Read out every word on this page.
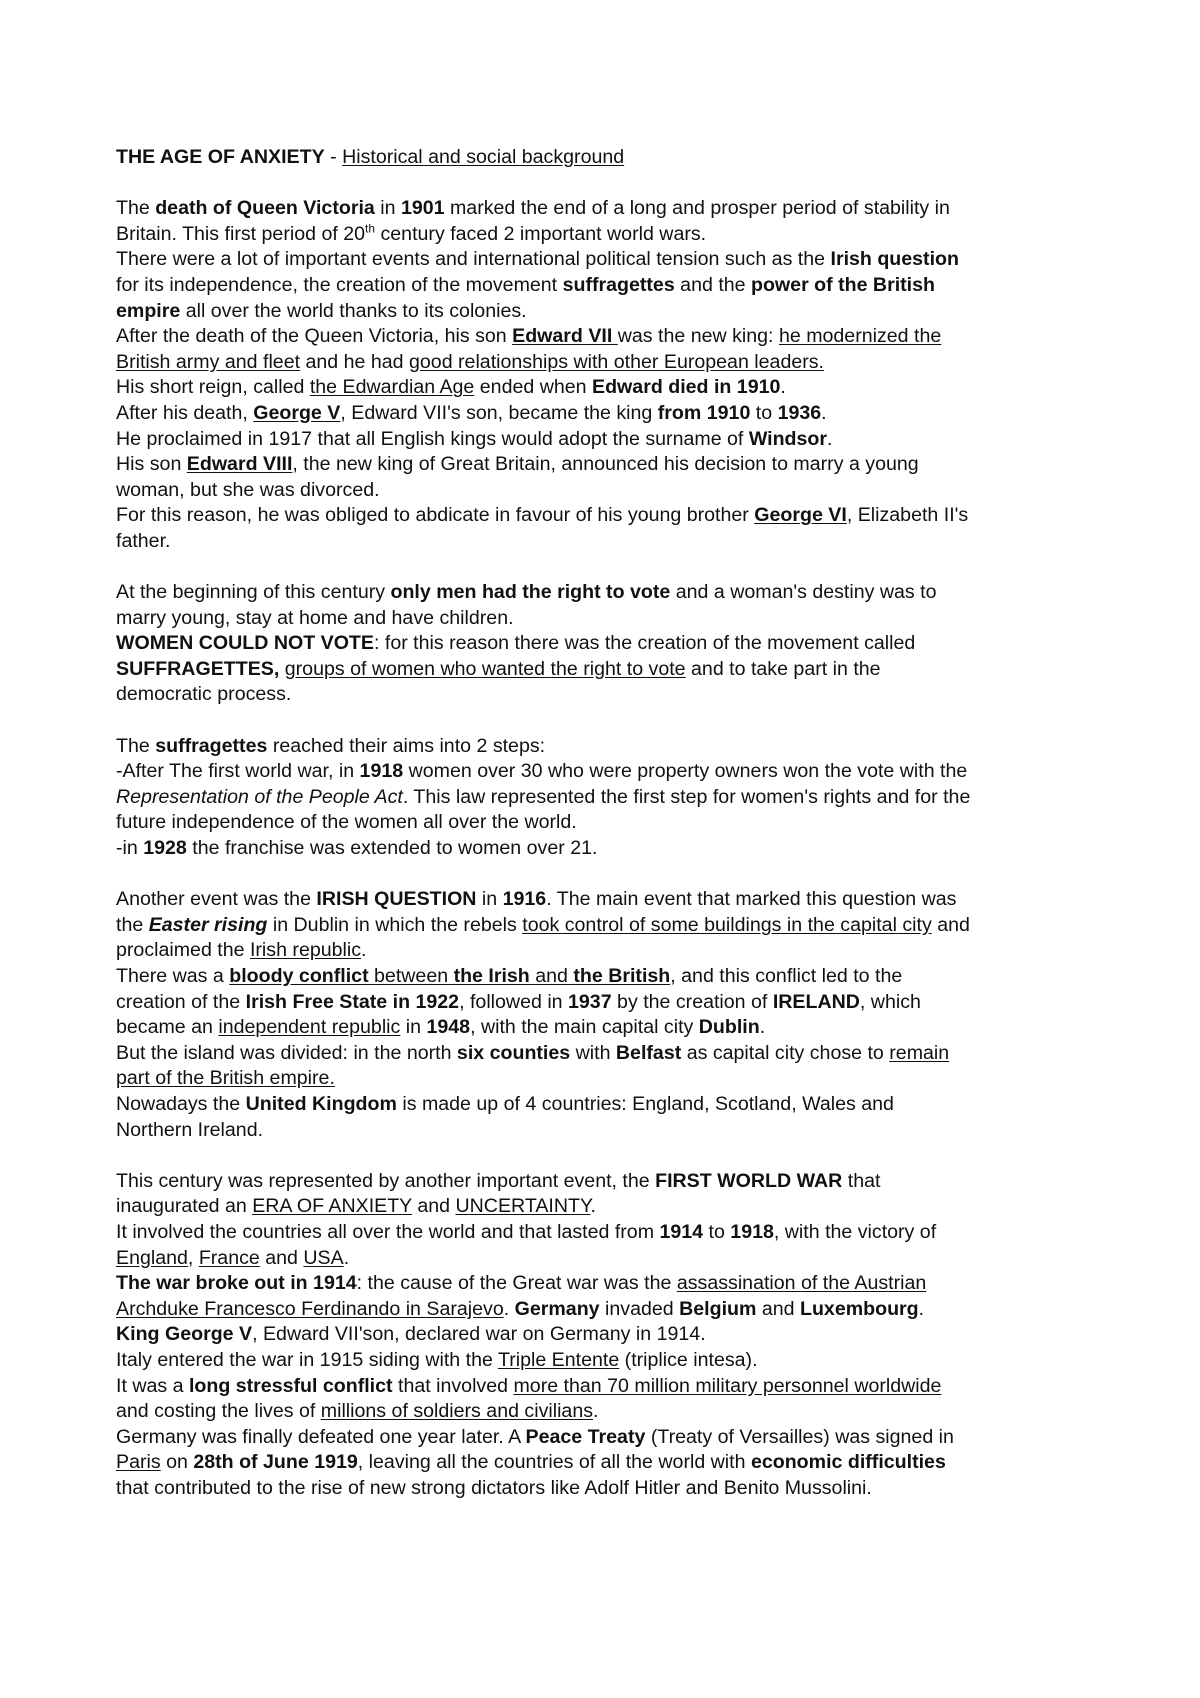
THE AGE OF ANXIETY - Historical and social background
The death of Queen Victoria in 1901 marked the end of a long and prosper period of stability in
Britain. This first period of 20th century faced 2 important world wars.
There were a lot of important events and international political tension such as the Irish question
for its independence, the creation of the movement suffragettes and the power of the British
empire all over the world thanks to its colonies.
After the death of the Queen Victoria, his son Edward VII was the new king: he modernized the
British army and fleet and he had good relationships with other European leaders.
His short reign, called the Edwardian Age ended when Edward died in 1910.
After his death, George V, Edward VII's son, became the king from 1910 to 1936.
He proclaimed in 1917 that all English kings would adopt the surname of Windsor.
His son Edward VIII, the new king of Great Britain, announced his decision to marry a young
woman, but she was divorced.
For this reason, he was obliged to abdicate in favour of his young brother George VI, Elizabeth II's
father.
At the beginning of this century only men had the right to vote and a woman's destiny was to
marry young, stay at home and have children.
WOMEN COULD NOT VOTE: for this reason there was the creation of the movement called
SUFFRAGETTES, groups of women who wanted the right to vote and to take part in the
democratic process.
The suffragettes reached their aims into 2 steps:
-After The first world war, in 1918 women over 30 who were property owners won the vote with the
Representation of the People Act. This law represented the first step for women's rights and for the
future independence of the women all over the world.
-in 1928 the franchise was extended to women over 21.
Another event was the IRISH QUESTION in 1916. The main event that marked this question was
the Easter rising in Dublin in which the rebels took control of some buildings in the capital city and
proclaimed the Irish republic.
There was a bloody conflict between the Irish and the British, and this conflict led to the
creation of the Irish Free State in 1922, followed in 1937 by the creation of IRELAND, which
became an independent republic in 1948, with the main capital city Dublin.
But the island was divided: in the north six counties with Belfast as capital city chose to remain
part of the British empire.
Nowadays the United Kingdom is made up of 4 countries: England, Scotland, Wales and
Northern Ireland.
This century was represented by another important event, the FIRST WORLD WAR that
inaugurated an ERA OF ANXIETY and UNCERTAINTY.
It involved the countries all over the world and that lasted from 1914 to 1918, with the victory of
England, France and USA.
The war broke out in 1914: the cause of the Great war was the assassination of the Austrian
Archduke Francesco Ferdinando in Sarajevo. Germany invaded Belgium and Luxembourg.
King George V, Edward VII'son, declared war on Germany in 1914.
Italy entered the war in 1915 siding with the Triple Entente (triplice intesa).
It was a long stressful conflict that involved more than 70 million military personnel worldwide
and costing the lives of millions of soldiers and civilians.
Germany was finally defeated one year later. A Peace Treaty (Treaty of Versailles) was signed in
Paris on 28th of June 1919, leaving all the countries of all the world with economic difficulties
that contributed to the rise of new strong dictators like Adolf Hitler and Benito Mussolini.
